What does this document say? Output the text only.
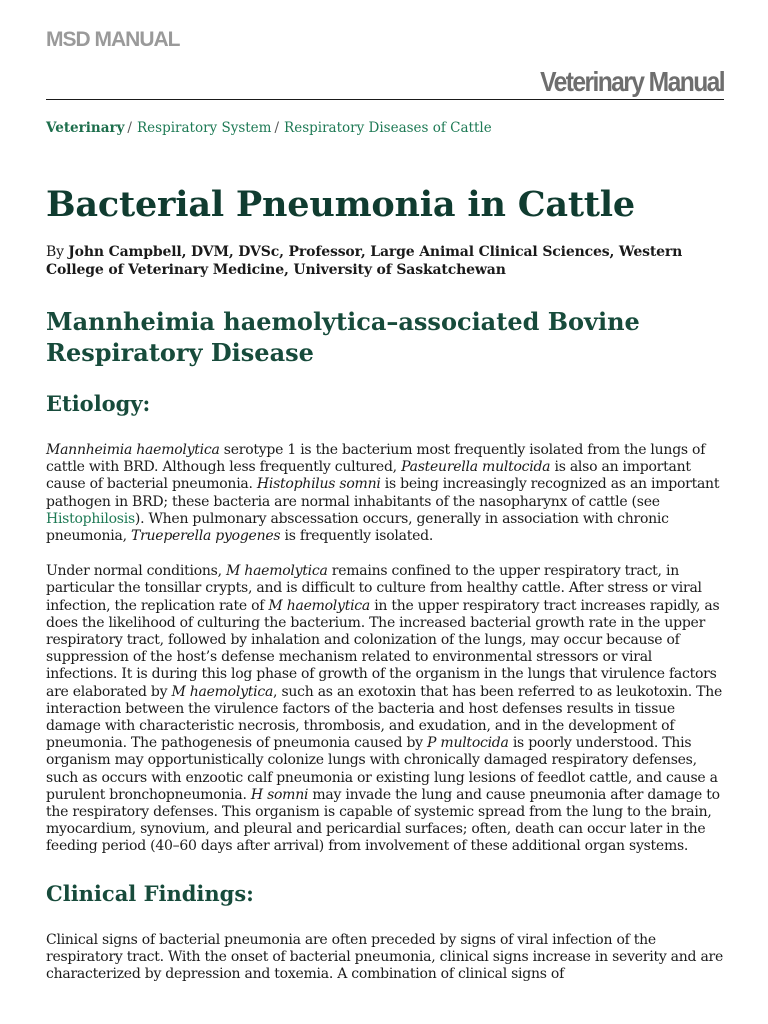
MSD MANUAL
Veterinary Manual
Veterinary / Respiratory System / Respiratory Diseases of Cattle
Bacterial Pneumonia in Cattle
By John Campbell, DVM, DVSc, Professor, Large Animal Clinical Sciences, Western College of Veterinary Medicine, University of Saskatchewan
Mannheimia haemolytica–associated Bovine Respiratory Disease
Etiology:

Mannheimia haemolytica serotype 1 is the bacterium most frequently isolated from the lungs of cattle with BRD. Although less frequently cultured, Pasteurella multocida is also an important cause of bacterial pneumonia. Histophilus somni is being increasingly recognized as an important pathogen in BRD; these bacteria are normal inhabitants of the nasopharynx of cattle (see Histophilosis). When pulmonary abscessation occurs, generally in association with chronic pneumonia, Trueperella pyogenes is frequently isolated.

Under normal conditions, M haemolytica remains confined to the upper respiratory tract, in particular the tonsillar crypts, and is difficult to culture from healthy cattle. After stress or viral infection, the replication rate of M haemolytica in the upper respiratory tract increases rapidly, as does the likelihood of culturing the bacterium. The increased bacterial growth rate in the upper respiratory tract, followed by inhalation and colonization of the lungs, may occur because of suppression of the host’s defense mechanism related to environmental stressors or viral infections. It is during this log phase of growth of the organism in the lungs that virulence factors are elaborated by M haemolytica, such as an exotoxin that has been referred to as leukotoxin. The interaction between the virulence factors of the bacteria and host defenses results in tissue damage with characteristic necrosis, thrombosis, and exudation, and in the development of pneumonia. The pathogenesis of pneumonia caused by P multocida is poorly understood. This organism may opportunistically colonize lungs with chronically damaged respiratory defenses, such as occurs with enzootic calf pneumonia or existing lung lesions of feedlot cattle, and cause a purulent bronchopneumonia. H somni may invade the lung and cause pneumonia after damage to the respiratory defenses. This organism is capable of systemic spread from the lung to the brain, myocardium, synovium, and pleural and pericardial surfaces; often, death can occur later in the feeding period (40–60 days after arrival) from involvement of these additional organ systems.

Clinical Findings:

Clinical signs of bacterial pneumonia are often preceded by signs of viral infection of the respiratory tract. With the onset of bacterial pneumonia, clinical signs increase in severity and are characterized by depression and toxemia. A combination of clinical signs of
